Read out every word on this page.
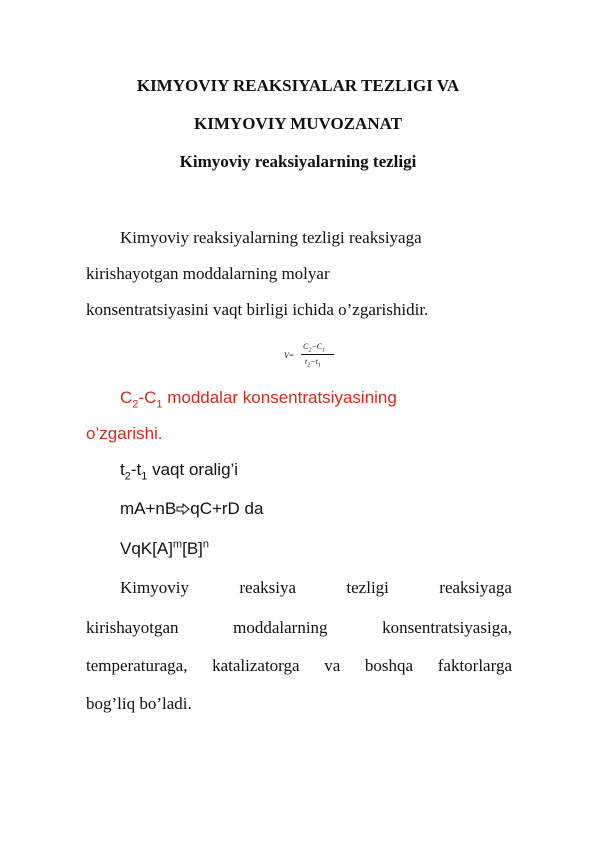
KIMYOVIY REAKSIYALAR TEZLIGI VA
KIMYOVIY MUVOZANAT
Kimyoviy reaksiyalarning tezligi
Kimyoviy reaksiyalarning tezligi reaksiyaga
kirishayotgan moddalarning molyar
konsentratsiyasini vaqt birligi ichida o’zgarishidir.
V=
$C_2-C_1$
$t_2-t_1$
$C_2-C_1$ moddalar konsentratsiyasining
o’zgarishi.
$t_2-t_1$ vaqt oralig’i
mA+nB qC+rD da
$VqK[A]^m[B]^n$
Kimyoviy	reaksiya	tezligi	reaksiyaga
kirishayotgan	moddalarning	konsentratsiyasiga,
temperaturaga, katalizatorga va boshqa faktorlarga
bog’liq bo’ladi.
